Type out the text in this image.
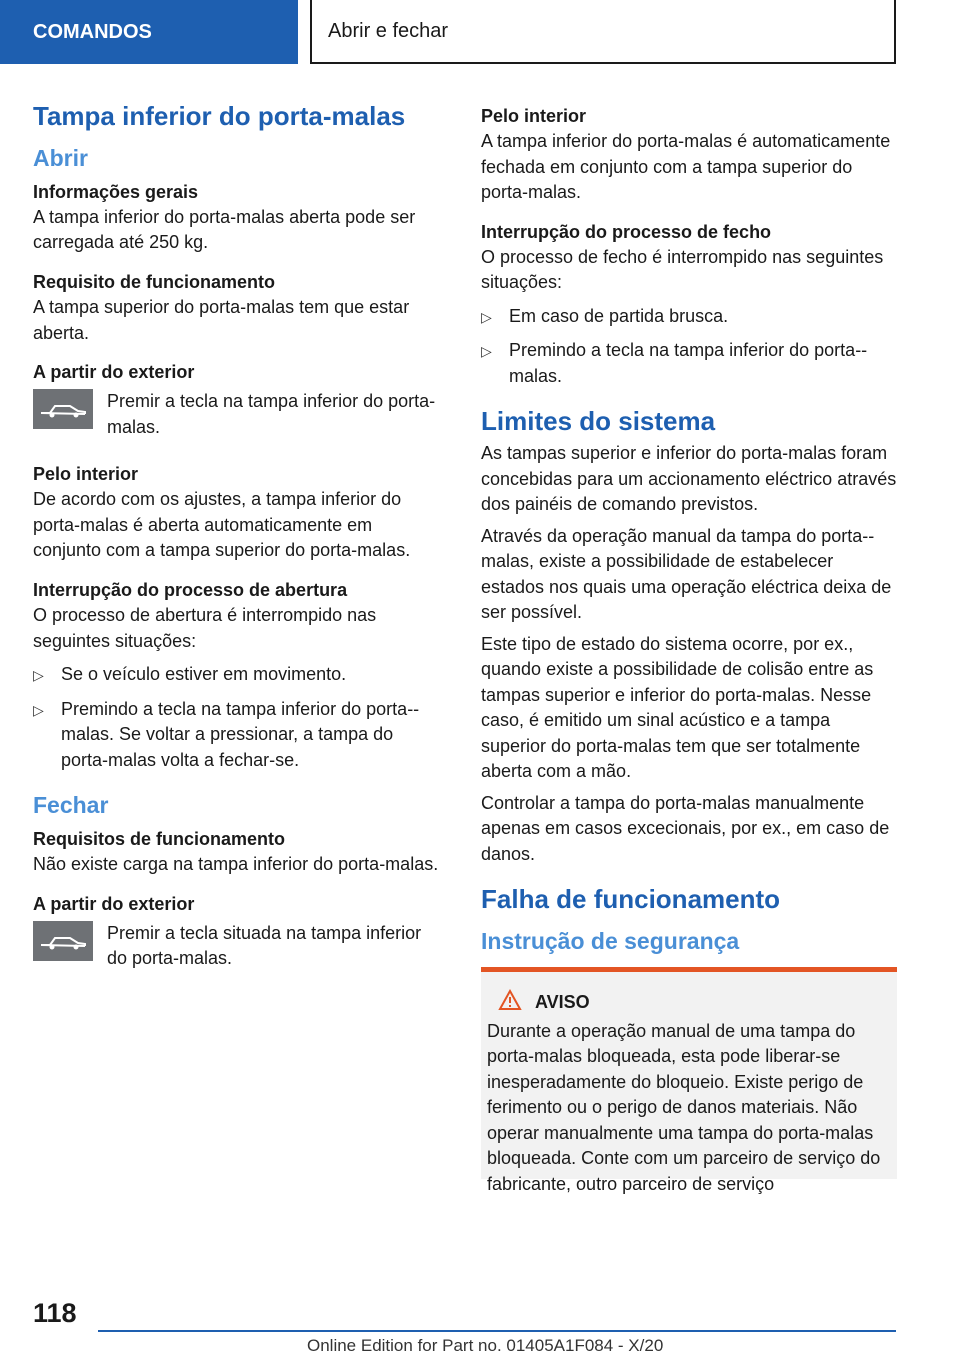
COMANDOS	Abrir e fechar
Tampa inferior do porta-malas
Abrir
Informações gerais

A tampa inferior do porta-malas aberta pode ser carregada até 250 kg.

Requisito de funcionamento

A tampa superior do porta-malas tem que estar aberta.

A partir do exterior

Premir a tecla na tampa inferior do porta-malas.

Pelo interior

De acordo com os ajustes, a tampa inferior do porta-malas é aberta automaticamente em conjunto com a tampa superior do porta-malas.

Interrupção do processo de abertura

O processo de abertura é interrompido nas seguintes situações:

▷ Se o veículo estiver em movimento.
▷ Premindo a tecla na tampa inferior do porta--malas. Se voltar a pressionar, a tampa do porta-malas volta a fechar-se.
Fechar
Requisitos de funcionamento

Não existe carga na tampa inferior do porta-malas.

A partir do exterior

Premir a tecla situada na tampa inferior do porta-malas.

Pelo interior

A tampa inferior do porta-malas é automaticamente fechada em conjunto com a tampa superior do porta-malas.

Interrupção do processo de fecho

O processo de fecho é interrompido nas seguintes situações:

▷ Em caso de partida brusca.
▷ Premindo a tecla na tampa inferior do porta--malas.
Limites do sistema

As tampas superior e inferior do porta-malas foram concebidas para um accionamento eléctrico através dos painéis de comando previstos.

Através da operação manual da tampa do porta--malas, existe a possibilidade de estabelecer estados nos quais uma operação eléctrica deixa de ser possível.

Este tipo de estado do sistema ocorre, por ex., quando existe a possibilidade de colisão entre as tampas superior e inferior do porta-malas. Nesse caso, é emitido um sinal acústico e a tampa superior do porta-malas tem que ser totalmente aberta com a mão.

Controlar a tampa do porta-malas manualmente apenas em casos excecionais, por ex., em caso de danos.

Falha de funcionamento
Instrução de segurança
AVISO

Durante a operação manual de uma tampa do porta-malas bloqueada, esta pode liberar-se inesperadamente do bloqueio. Existe perigo de ferimento ou o perigo de danos materiais. Não operar manualmente uma tampa do porta-malas bloqueada. Conte com um parceiro de serviço do fabricante, outro parceiro de serviço

118
Online Edition for Part no. 01405A1F084 - X/20
